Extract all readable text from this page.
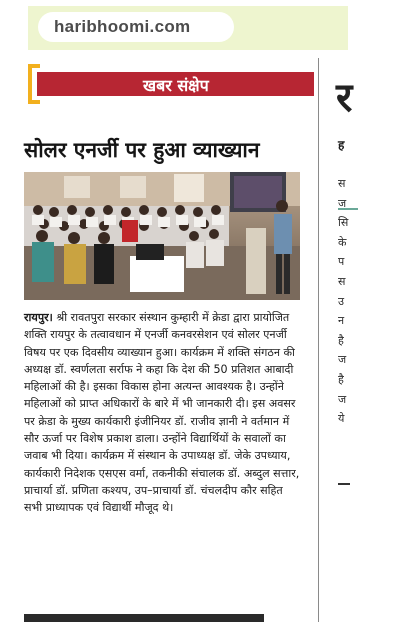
haribhoomi.com
खबर संक्षेप
सोलर एनर्जी पर हुआ व्याख्यान

रायपुर। श्री रावतपुरा सरकार संस्थान कुम्हारी में क्रेडा द्वारा प्रायोजित शक्ति रायपुर के तत्वावधान में एनर्जी कनवरसेशन एवं सोलर एनर्जी विषय पर एक दिवसीय व्याख्यान हुआ। कार्यक्रम में शक्ति संगठन की अध्यक्ष डॉ. स्वर्णलता सर्राफ ने कहा कि देश की 50 प्रतिशत आबादी महिलाओं की है। इसका विकास होना अत्यन्त आवश्यक है। उन्होंने महिलाओं को प्राप्त अधिकारों के बारे में भी जानकारी दी। इस अवसर पर क्रेडा के मुख्य कार्यकारी इंजीनियर डॉ. राजीव ज्ञानी ने वर्तमान में सौर ऊर्जा पर विशेष प्रकाश डाला। उन्होंने विद्यार्थियों के सवालों का जवाब भी दिया। कार्यक्रम में संस्थान के उपाध्यक्ष डॉ. जेके उपध्याय, कार्यकारी निदेशक एसएस वर्मा, तकनीकी संचालक डॉ. अब्दुल सत्तार, प्राचार्या डॉ. प्रणिता कश्यप, उप–प्राचार्या डॉ. चंचलदीप कौर सहित सभी प्राध्यापक एवं विद्यार्थी मौजूद थे।

र
ह
स
ज
सि
के
प
स
उ
न
है
ज
है
ज
ये
